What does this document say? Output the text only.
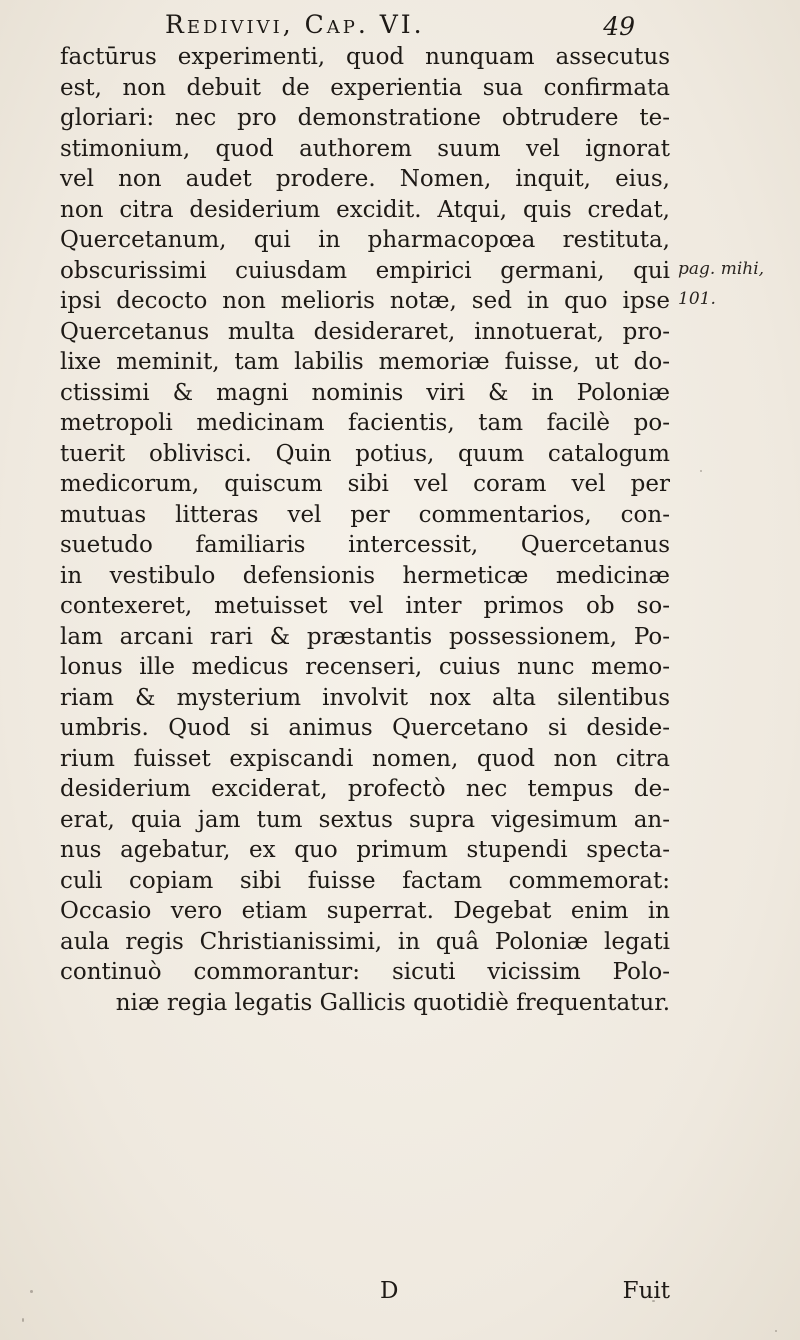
Redivivi, Cap. VI.	49
factūrus experimenti, quod nunquam assecutus
est, non debuit de experientia sua confirmata
gloriari: nec pro demonstratione obtrudere te-
stimonium, quod authorem suum vel ignorat
vel non audet prodere. Nomen, inquit, eius,
non citra desiderium excidit. Atqui, quis credat,
Quercetanum, qui in pharmacopœa restituta,
obscurissimi cuiusdam empirici germani, qui
ipsi decocto non melioris notæ, sed in quo ipse
Quercetanus multa desideraret, innotuerat, pro-
lixe meminit, tam labilis memoriæ fuisse, ut do-
ctissimi & magni nominis viri & in Poloniæ
metropoli medicinam facientis, tam facilè po-
tuerit oblivisci. Quin potius, quum catalogum
medicorum, quiscum sibi vel coram vel per
mutuas litteras vel per commentarios, con-
suetudo familiaris intercessit, Quercetanus
in vestibulo defensionis hermeticæ medicinæ
contexeret, metuisset vel inter primos ob so-
lam arcani rari & præstantis possessionem, Po-
lonus ille medicus recenseri, cuius nunc memo-
riam & mysterium involvit nox alta silentibus
umbris. Quod si animus Quercetano si deside-
rium fuisset expiscandi nomen, quod non citra
desiderium exciderat, profectò nec tempus de-
erat, quia jam tum sextus supra vigesimum an-
nus agebatur, ex quo primum stupendi specta-
culi copiam sibi fuisse factam commemorat:
Occasio vero etiam superrat. Degebat enim in
aula regis Christianissimi, in quâ Poloniæ legati
continuò commorantur: sicuti vicissim Polo-
niæ regia legatis Gallicis quotidiè frequentatur.
pag. mihi,
101.
D	Fuit
